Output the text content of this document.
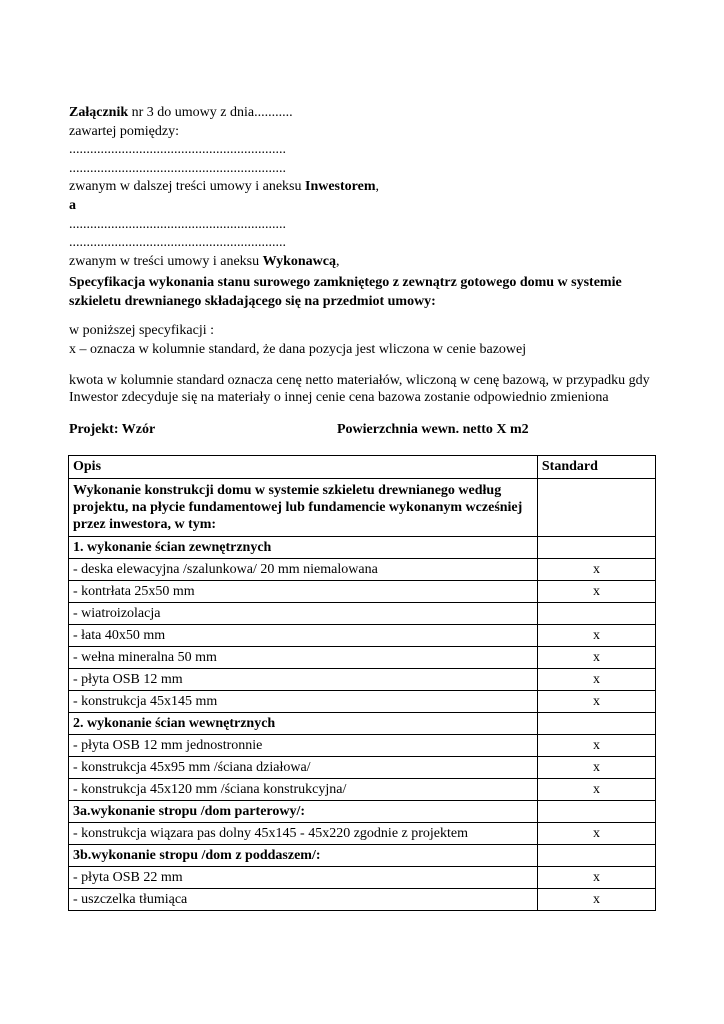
Załącznik nr 3 do umowy z dnia...........
zawartej pomiędzy:
..............................................................
..............................................................
zwanym w dalszej treści umowy i aneksu Inwestorem,
a
..............................................................
..............................................................
zwanym w treści umowy i aneksu Wykonawcą,
Specyfikacja wykonania stanu surowego zamkniętego z zewnątrz gotowego domu w systemie szkieletu drewnianego składającego się na przedmiot umowy:
w poniższej specyfikacji :
x – oznacza w kolumnie standard, że dana pozycja jest wliczona w cenie bazowej
kwota w kolumnie standard oznacza cenę netto materiałów, wliczoną w cenę bazową, w przypadku gdy Inwestor zdecyduje się na materiały o innej cenie cena bazowa zostanie odpowiednio zmieniona
Projekt: Wzór	Powierzchnia wewn. netto X m2
Opis	Standard
Wykonanie konstrukcji domu w systemie szkieletu drewnianego według projektu, na płycie fundamentowej lub fundamencie wykonanym wcześniej przez inwestora, w tym:	
1. wykonanie ścian zewnętrznych	
- deska elewacyjna /szalunkowa/ 20 mm niemalowana	x
- kontrłata 25x50 mm	x
- wiatroizolacja	
- łata 40x50 mm	x
- wełna mineralna 50 mm	x
- płyta OSB 12 mm	x
- konstrukcja 45x145 mm	x
2. wykonanie ścian wewnętrznych	
- płyta OSB 12 mm jednostronnie	x
- konstrukcja 45x95 mm /ściana działowa/	x
- konstrukcja 45x120 mm /ściana konstrukcyjna/	x
3a.wykonanie stropu /dom parterowy/:	
- konstrukcja wiązara pas dolny 45x145 - 45x220 zgodnie z projektem	x
3b.wykonanie stropu /dom z poddaszem/:	
- płyta OSB 22 mm	x
- uszczelka tłumiąca	x
